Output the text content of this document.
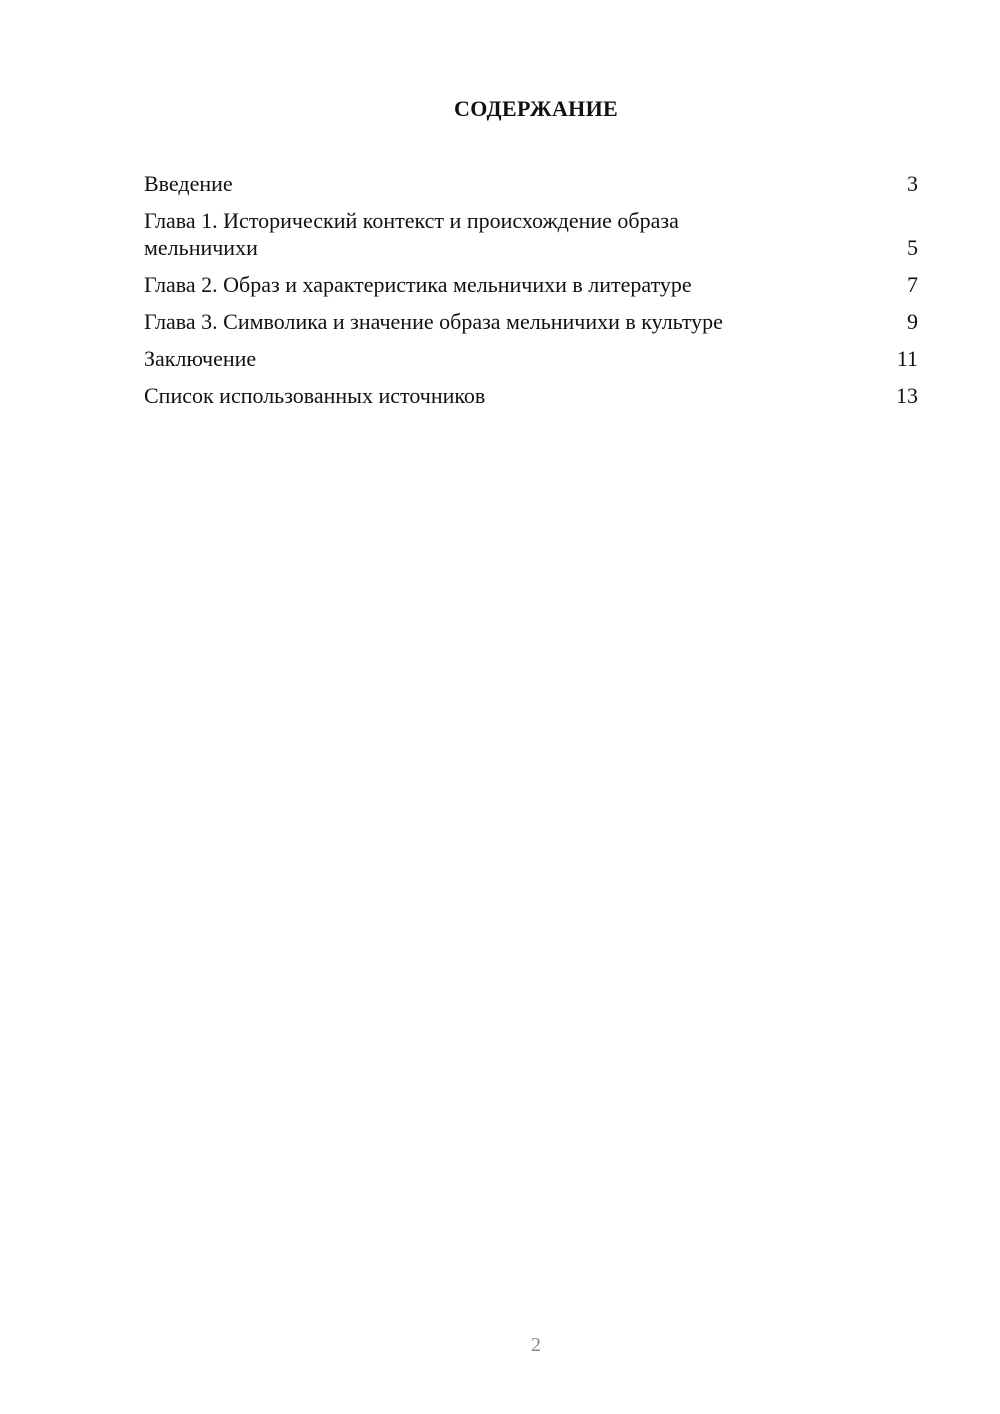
СОДЕРЖАНИЕ
Введение	3
Глава 1. Исторический контекст и происхождение образа мельничихи	5
Глава 2. Образ и характеристика мельничихи в литературе	7
Глава 3. Символика и значение образа мельничихи в культуре	9
Заключение	11
Список использованных источников	13
2
